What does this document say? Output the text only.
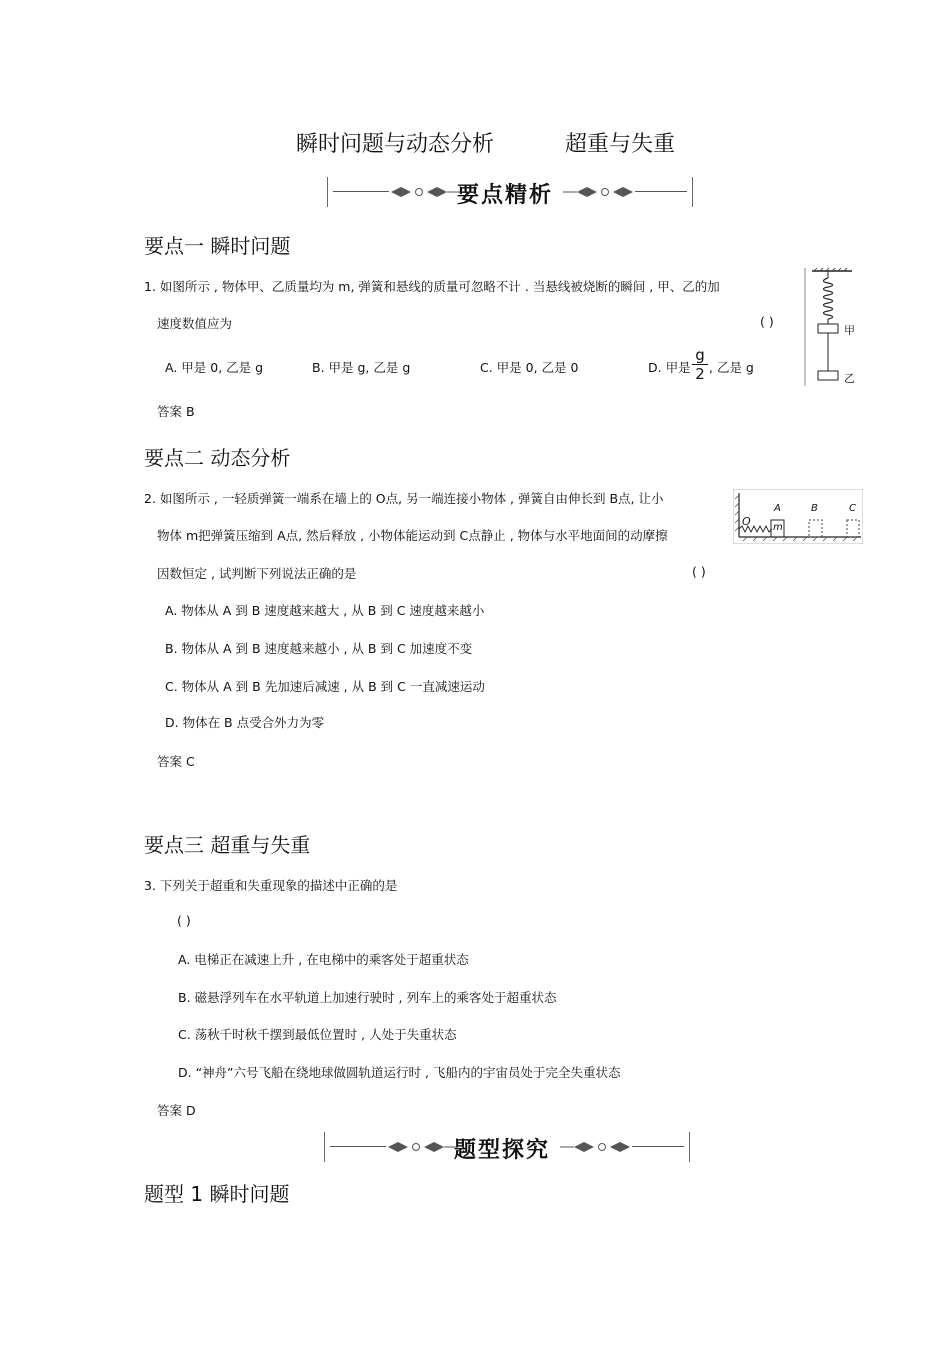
瞬时问题与动态分析	超重与失重
要点精析
要点一 瞬时问题
1. 如图所示 , 物体甲、乙质量均为 m, 弹簧和悬线的质量可忽略不计 . 当悬线被烧断的瞬间 , 甲、乙的加
速度数值应为	( )
A. 甲是 0, 乙是 g	B. 甲是 g, 乙是 g	C. 甲是 0, 乙是 0	D. 甲是
g
2 , 乙是 g
答案 B
甲
乙
要点二 动态分析
2. 如图所示 , 一轻质弹簧一端系在墙上的 O点, 另一端连接小物体 , 弹簧自由伸长到 B点, 让小
物体 m把弹簧压缩到 A点, 然后释放 , 小物体能运动到 C点静止 , 物体与水平地面间的动摩擦
因数恒定 , 试判断下列说法正确的是	( )
A. 物体从 A 到 B 速度越来越大 , 从 B 到 C 速度越来越小
B. 物体从 A 到 B 速度越来越小 , 从 B 到 C 加速度不变
C. 物体从 A 到 B 先加速后减速 , 从 B 到 C 一直减速运动
D. 物体在 B 点受合外力为零
答案 C
O
A
m
B	C
要点三 超重与失重
3. 下列关于超重和失重现象的描述中正确的是
( )
A. 电梯正在减速上升 , 在电梯中的乘客处于超重状态
B. 磁悬浮列车在水平轨道上加速行驶时 , 列车上的乘客处于超重状态
C. 荡秋千时秋千摆到最低位置时 , 人处于失重状态
D. “神舟”六号飞船在绕地球做圆轨道运行时 , 飞船内的宇宙员处于完全失重状态
答案 D
题型探究
题型 1 瞬时问题
